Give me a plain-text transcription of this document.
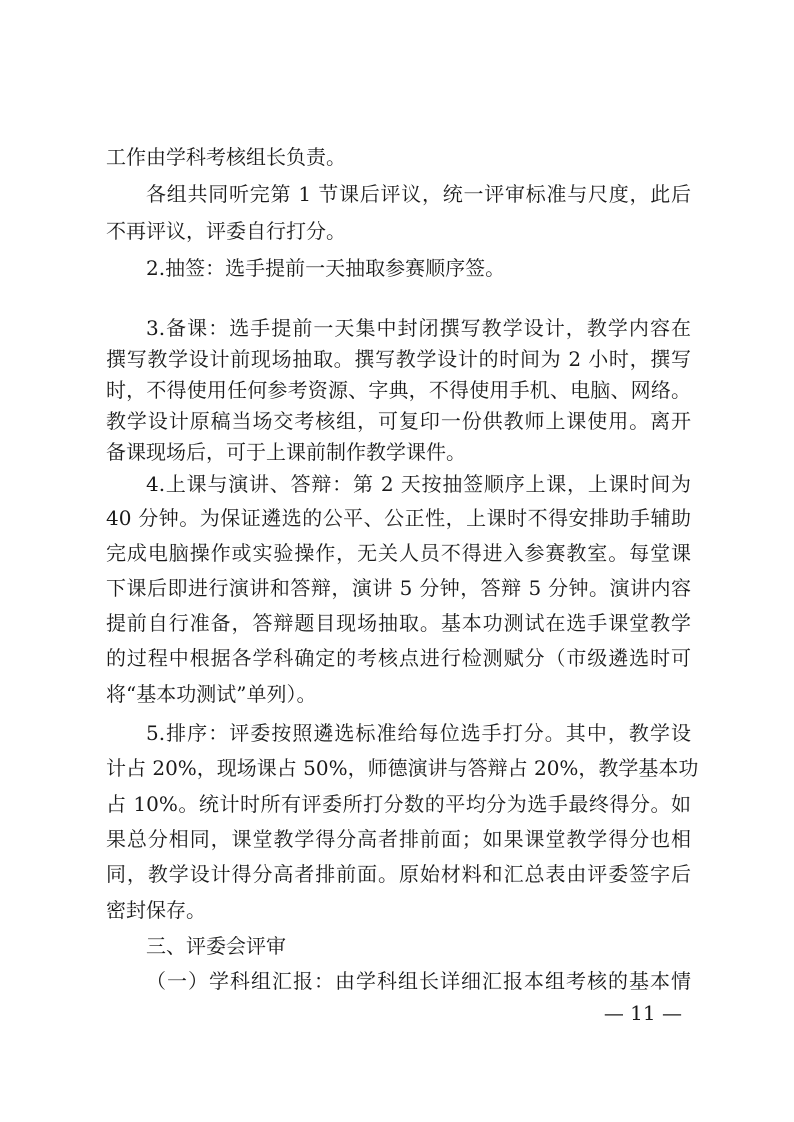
工作由学科考核组长负责。
各组共同听完第 1 节课后评议，统一评审标准与尺度，此后
不再评议，评委自行打分。
2.抽签：选手提前一天抽取参赛顺序签。
3.备课：选手提前一天集中封闭撰写教学设计，教学内容在
撰写教学设计前现场抽取。撰写教学设计的时间为 2 小时，撰写
时，不得使用任何参考资源、字典，不得使用手机、电脑、网络。
教学设计原稿当场交考核组，可复印一份供教师上课使用。离开
备课现场后，可于上课前制作教学课件。
4.上课与演讲、答辩：第 2 天按抽签顺序上课，上课时间为
40 分钟。为保证遴选的公平、公正性，上课时不得安排助手辅助
完成电脑操作或实验操作，无关人员不得进入参赛教室。每堂课
下课后即进行演讲和答辩，演讲 5 分钟，答辩 5 分钟。演讲内容
提前自行准备，答辩题目现场抽取。基本功测试在选手课堂教学
的过程中根据各学科确定的考核点进行检测赋分（市级遴选时可
将“基本功测试”单列）。
5.排序：评委按照遴选标准给每位选手打分。其中，教学设
计占 20%，现场课占 50%，师德演讲与答辩占 20%，教学基本功
占 10%。统计时所有评委所打分数的平均分为选手最终得分。如
果总分相同，课堂教学得分高者排前面；如果课堂教学得分也相
同，教学设计得分高者排前面。原始材料和汇总表由评委签字后
密封保存。
三、评委会评审
（一）学科组汇报：由学科组长详细汇报本组考核的基本情
— 11 —
